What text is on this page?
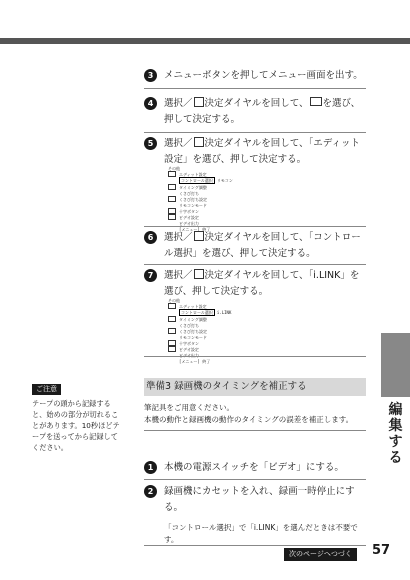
3	メニューボタンを押してメニュー画面を出す。
4	選択／ 決定ダイヤルを回して、 を選び、押して決定する。
5	選択／ 決定ダイヤルを回して、「エディット設定」を選び、押して決定する。
その他
エディット設定
コントロール選択	リモコン
タイミング調整
くさび打ち
くさび打ち設定
リモコンモード
十字ボタン
ビデオ設定
ビデオ出力
[メニュー] 終了
6	選択／ 決定ダイヤルを回して、「コントロール選択」を選び、押して決定する。
7	選択／ 決定ダイヤルを回して、「i.LINK」を選び、押して決定する。
その他
エディット設定
コントロール選択	i.LINK
タイミング調整
くさび打ち
くさび打ち設定
リモコンモード
十字ボタン
ビデオ設定
[メニュー] 終了
編
集
す
る
ご注意
テープの頭から記録すると、始めの部分が切れることがあります。10秒ほどテープを送ってから記録してください。
準備3 録画機のタイミングを補正する
筆記具をご用意ください。
本機の動作と録画機の動作のタイミングの誤差を補正します。
1	本機の電源スイッチを「ビデオ」にする。
2	録画機にカセットを入れ、録画一時停止にする。
「コントロール選択」で「i.LINK」を選んだときは不要です。
次のページへつづく	57
